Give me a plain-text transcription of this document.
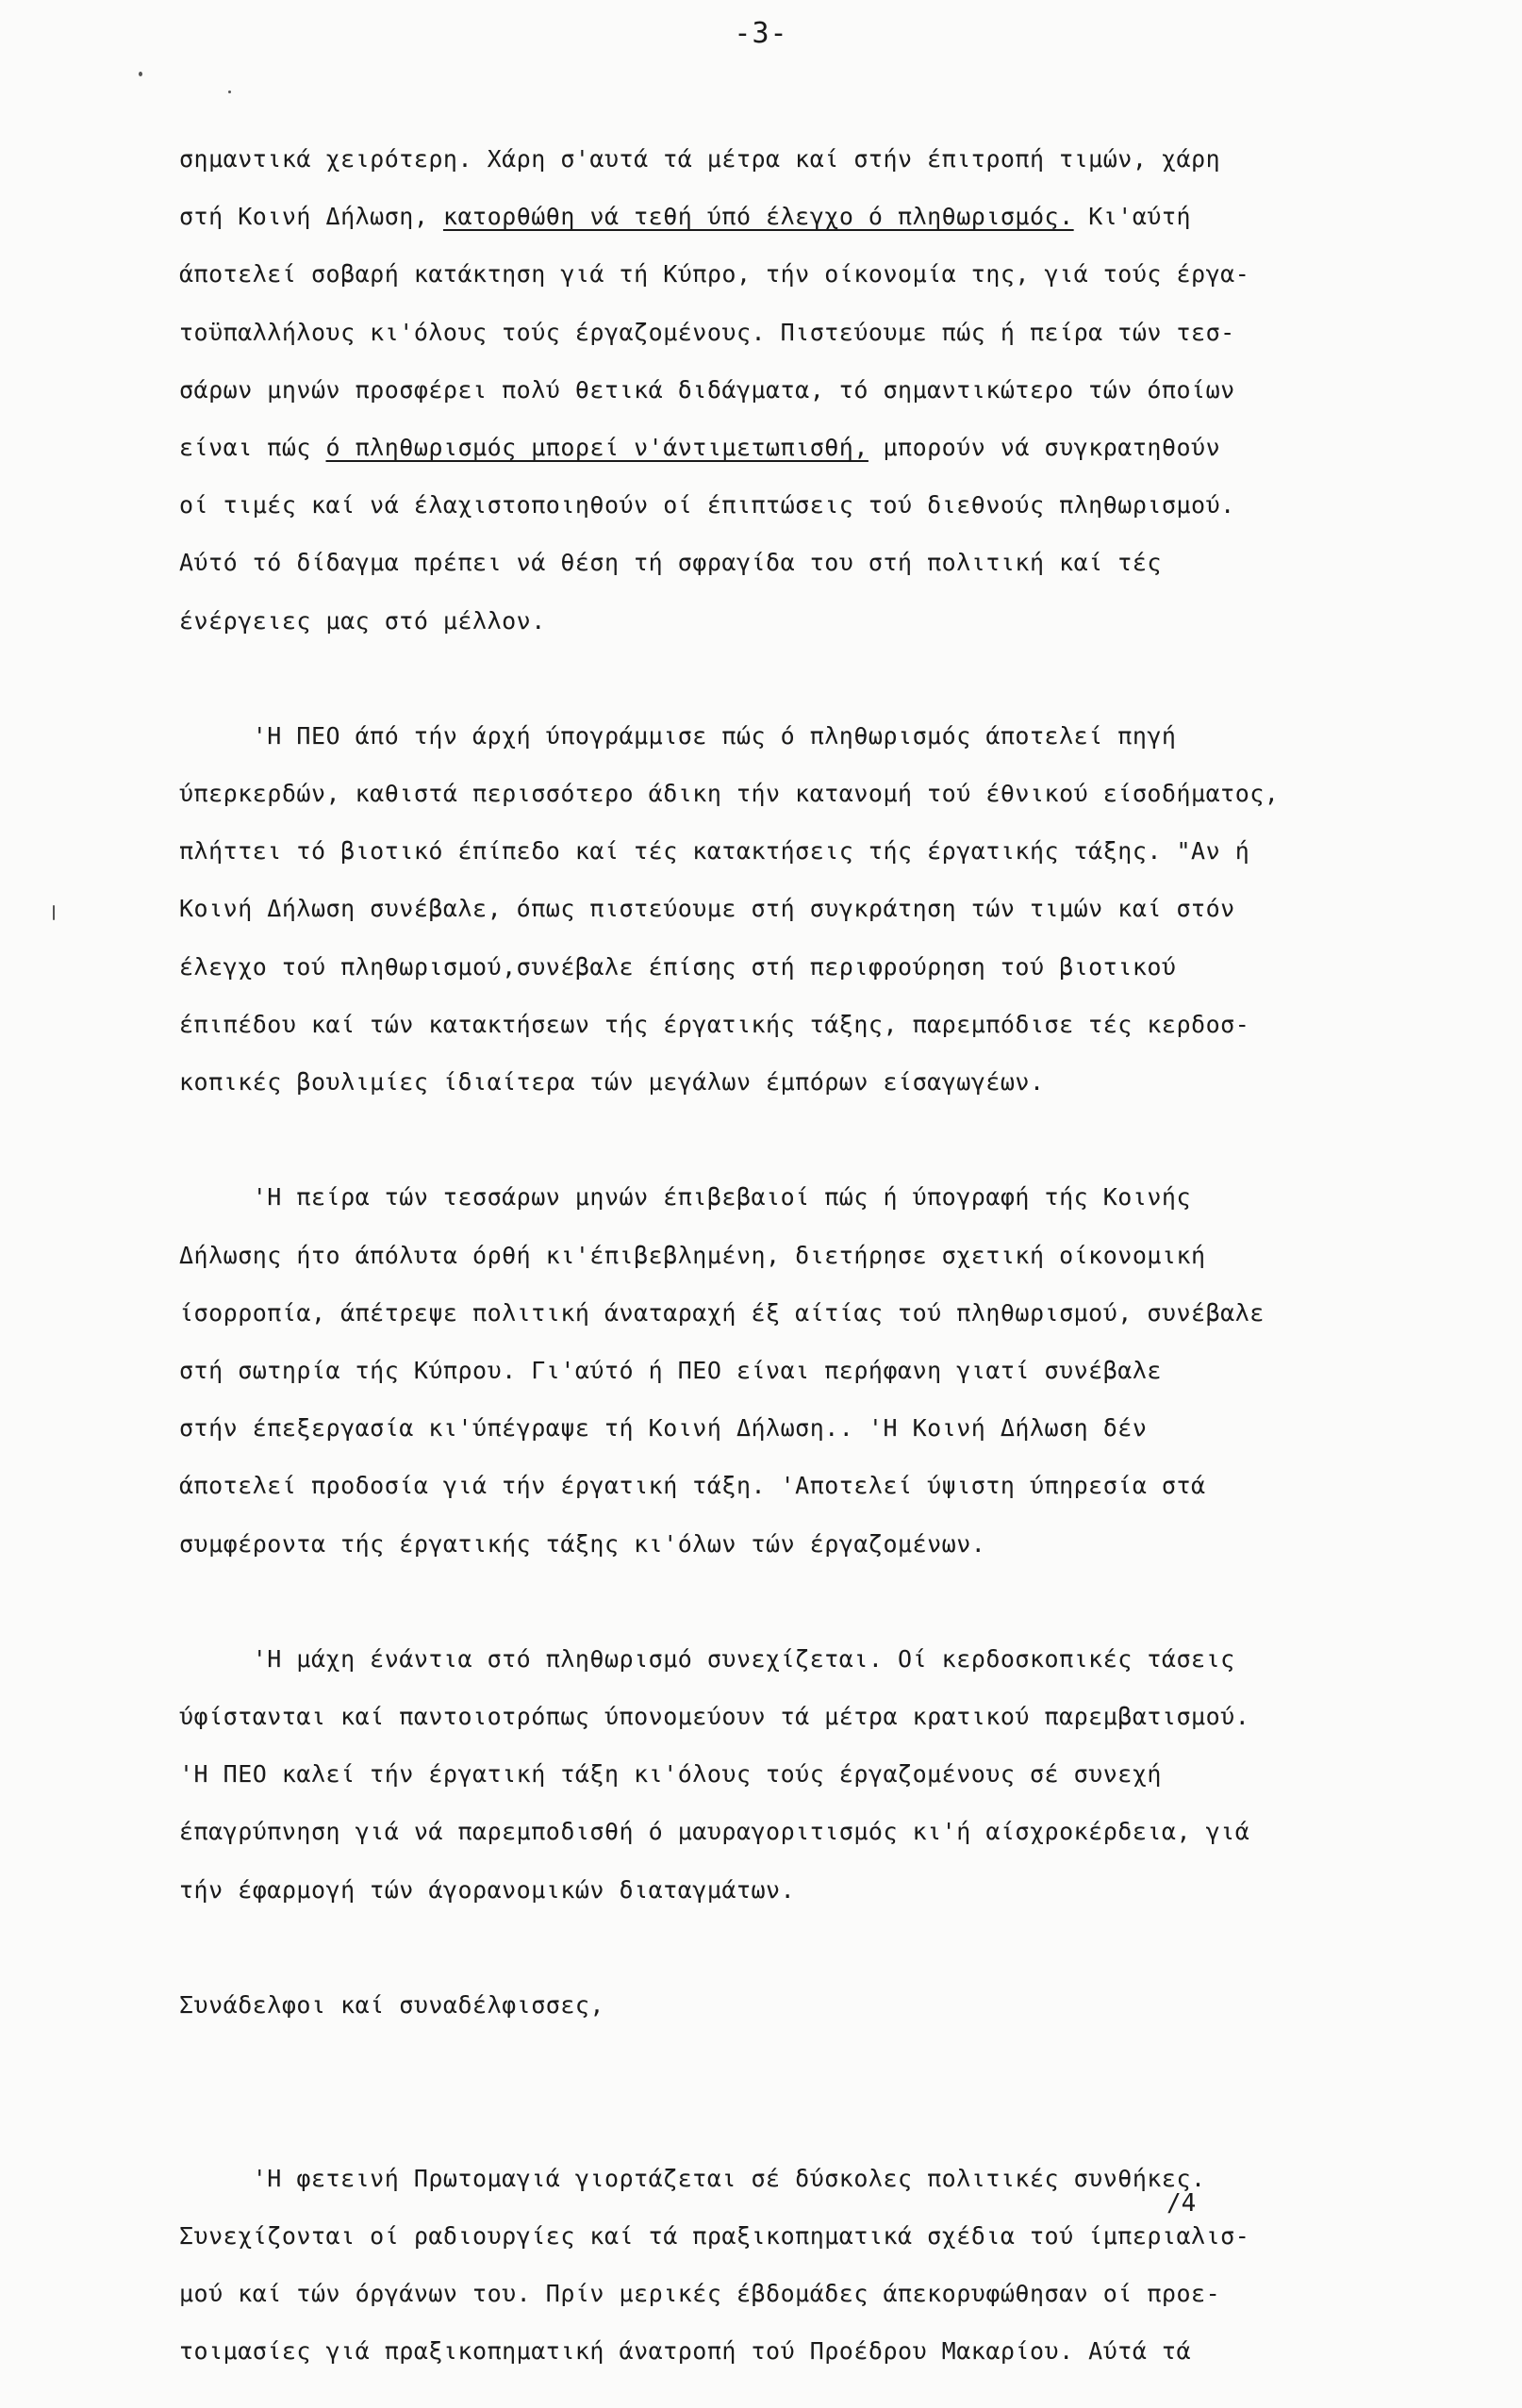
-3-
σημαντικά χειρότερη. Χάρη σ'αυτά τά μέτρα καί στήν έπιτροπή τιμών, χάρη
στή Κοινή Δήλωση, κατορθώθη νά τεθή ύπό έλεγχο ό πληθωρισμός. Κι'αύτή
άποτελεί σοβαρή κατάκτηση γιά τή Κύπρο, τήν οίκονομία της, γιά τούς έργα-
τοϋπαλλήλους κι'όλους τούς έργαζομένους. Πιστεύουμε πώς ή πείρα τών τεσ-
σάρων μηνών προσφέρει πολύ θετικά διδάγματα, τό σημαντικώτερο τών όποίων
είναι πώς ό πληθωρισμός μπορεί ν'άντιμετωπισθή, μπορούν νά συγκρατηθούν
οί τιμές καί νά έλαχιστοποιηθούν οί έπιπτώσεις τού διεθνούς πληθωρισμού.
Αύτό τό δίδαγμα πρέπει νά θέση τή σφραγίδα του στή πολιτική καί τές
ένέργειες μας στό μέλλον.
'Η ΠΕΟ άπό τήν άρχή ύπογράμμισε πώς ό πληθωρισμός άποτελεί πηγή
ύπερκερδών, καθιστά περισσότερο άδικη τήν κατανομή τού έθνικού είσοδήματος,
πλήττει τό βιοτικό έπίπεδο καί τές κατακτήσεις τής έργατικής τάξης. "Αν ή
Κοινή Δήλωση συνέβαλε, όπως πιστεύουμε στή συγκράτηση τών τιμών καί στόν
έλεγχο τού πληθωρισμού,συνέβαλε έπίσης στή περιφρούρηση τού βιοτικού
έπιπέδου καί τών κατακτήσεων τής έργατικής τάξης, παρεμπόδισε τές κερδοσ-
κοπικές βουλιμίες ίδιαίτερα τών μεγάλων έμπόρων είσαγωγέων.
'Η πείρα τών τεσσάρων μηνών έπιβεβαιοί πώς ή ύπογραφή τής Κοινής
Δήλωσης ήτο άπόλυτα όρθή κι'έπιβεβλημένη, διετήρησε σχετική οίκονομική
ίσορροπία, άπέτρεψε πολιτική άναταραχή έξ αίτίας τού πληθωρισμού, συνέβαλε
στή σωτηρία τής Κύπρου. Γι'αύτό ή ΠΕΟ είναι περήφανη γιατί συνέβαλε
στήν έπεξεργασία κι'ύπέγραψε τή Κοινή Δήλωση.. 'Η Κοινή Δήλωση δέν
άποτελεί προδοσία γιά τήν έργατική τάξη. 'Αποτελεί ύψιστη ύπηρεσία στά
συμφέροντα τής έργατικής τάξης κι'όλων τών έργαζομένων.
'Η μάχη ένάντια στό πληθωρισμό συνεχίζεται. Οί κερδοσκοπικές τάσεις
ύφίστανται καί παντοιοτρόπως ύπονομεύουν τά μέτρα κρατικού παρεμβατισμού.
'Η ΠΕΟ καλεί τήν έργατική τάξη κι'όλους τούς έργαζομένους σέ συνεχή
έπαγρύπνηση γιά νά παρεμποδισθή ό μαυραγοριτισμός κι'ή αίσχροκέρδεια, γιά
τήν έφαρμογή τών άγορανομικών διαταγμάτων.
Συνάδελφοι καί συναδέλφισσες,
'Η φετεινή Πρωτομαγιά γιορτάζεται σέ δύσκολες πολιτικές συνθήκες.
Συνεχίζονται οί ραδιουργίες καί τά πραξικοπηματικά σχέδια τού ίμπεριαλισ-
μού καί τών όργάνων του. Πρίν μερικές έβδομάδες άπεκορυφώθησαν οί προε-
τοιμασίες γιά πραξικοπηματική άνατροπή τού Προέδρου Μακαρίου. Αύτά τά
/4
